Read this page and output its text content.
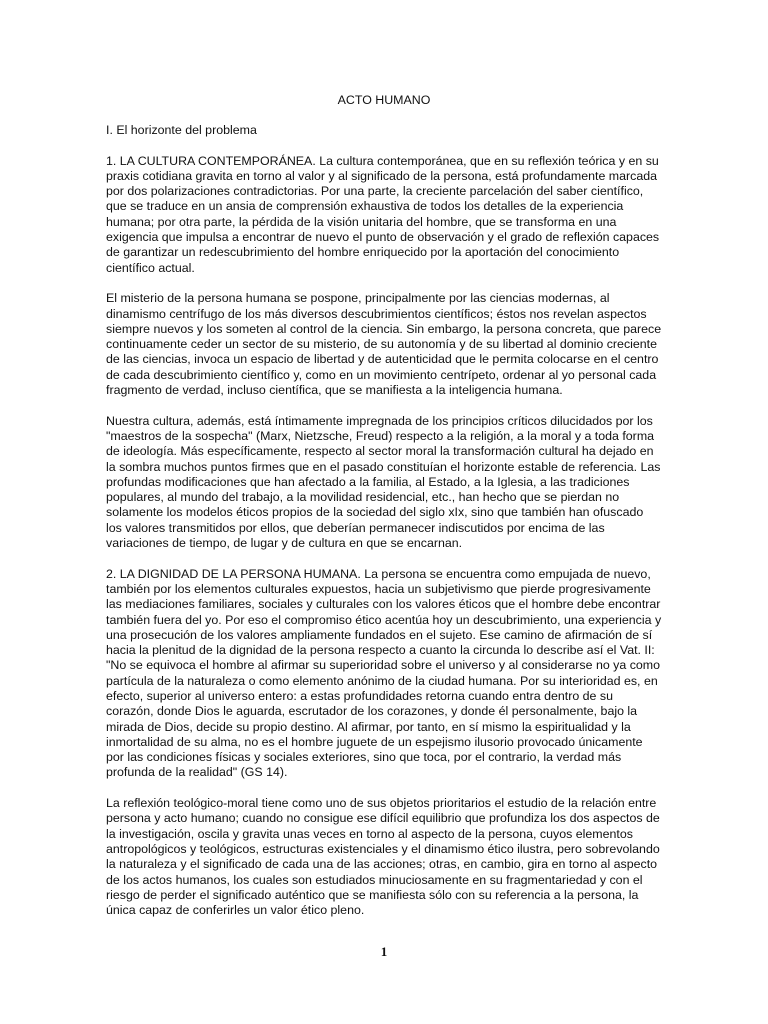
ACTO HUMANO
I. El horizonte del problema

1. LA CULTURA CONTEMPORÁNEA. La cultura contemporánea, que en su reflexión teórica y en su praxis cotidiana gravita en torno al valor y al significado de la persona, está profundamente marcada por dos polarizaciones contradictorias. Por una parte, la creciente parcelación del saber científico, que se traduce en un ansia de comprensión exhaustiva de todos los detalles de la experiencia humana; por otra parte, la pérdida de la visión unitaria del hombre, que se transforma en una exigencia que impulsa a encontrar de nuevo el punto de observación y el grado de reflexión capaces de garantizar un redescubrimiento del hombre enriquecido por la aportación del conocimiento científico actual.

El misterio de la persona humana se pospone, principalmente por las ciencias modernas, al dinamismo centrífugo de los más diversos descubrimientos científicos; éstos nos revelan aspectos siempre nuevos y los someten al control de la ciencia. Sin embargo, la persona concreta, que parece continuamente ceder un sector de su misterio, de su autonomía y de su libertad al dominio creciente de las ciencias, invoca un espacio de libertad y de autenticidad que le permita colocarse en el centro de cada descubrimiento científico y, como en un movimiento centrípeto, ordenar al yo personal cada fragmento de verdad, incluso científica, que se manifiesta a la inteligencia humana.

Nuestra cultura, además, está íntimamente impregnada de los principios críticos dilucidados por los "maestros de la sospecha" (Marx, Nietzsche, Freud) respecto a la religión, a la moral y a toda forma de ideología. Más específicamente, respecto al sector moral la transformación cultural ha dejado en la sombra muchos puntos firmes que en el pasado constituían el horizonte estable de referencia. Las profundas modificaciones que han afectado a la familia, al Estado, a la Iglesia, a las tradiciones populares, al mundo del trabajo, a la movilidad residencial, etc., han hecho que se pierdan no solamente los modelos éticos propios de la sociedad del siglo xIx, sino que también han ofuscado los valores transmitidos por ellos, que deberían permanecer indiscutidos por encima de las variaciones de tiempo, de lugar y de cultura en que se encarnan.

2. LA DIGNIDAD DE LA PERSONA HUMANA. La persona se encuentra como empujada de nuevo, también por los elementos culturales expuestos, hacia un subjetivismo que pierde progresivamente las mediaciones familiares, sociales y culturales con los valores éticos que el hombre debe encontrar también fuera del yo. Por eso el compromiso ético acentúa hoy un descubrimiento, una experiencia y una prosecución de los valores ampliamente fundados en el sujeto. Ese camino de afirmación de sí hacia la plenitud de la dignidad de la persona respecto a cuanto la circunda lo describe así el Vat. II: "No se equivoca el hombre al afirmar su superioridad sobre el universo y al considerarse no ya como partícula de la naturaleza o como elemento anónimo de la ciudad humana. Por su interioridad es, en efecto, superior al universo entero: a estas profundidades retorna cuando entra dentro de su corazón, donde Dios le aguarda, escrutador de los corazones, y donde él personalmente, bajo la mirada de Dios, decide su propio destino. Al afirmar, por tanto, en sí mismo la espiritualidad y la inmortalidad de su alma, no es el hombre juguete de un espejismo ilusorio provocado únicamente por las condiciones físicas y sociales exteriores, sino que toca, por el contrario, la verdad más profunda de la realidad" (GS 14).

La reflexión teológico-moral tiene como uno de sus objetos prioritarios el estudio de la relación entre persona y acto humano; cuando no consigue ese difícil equilibrio que profundiza los dos aspectos de la investigación, oscila y gravita unas veces en torno al aspecto de la persona, cuyos elementos antropológicos y teológicos, estructuras existenciales y el dinamismo ético ilustra, pero sobrevolando la naturaleza y el significado de cada una de las acciones; otras, en cambio, gira en torno al aspecto de los actos humanos, los cuales son estudiados minuciosamente en su fragmentariedad y con el riesgo de perder el significado auténtico que se manifiesta sólo con su referencia a la persona, la única capaz de conferirles un valor ético pleno.

1
